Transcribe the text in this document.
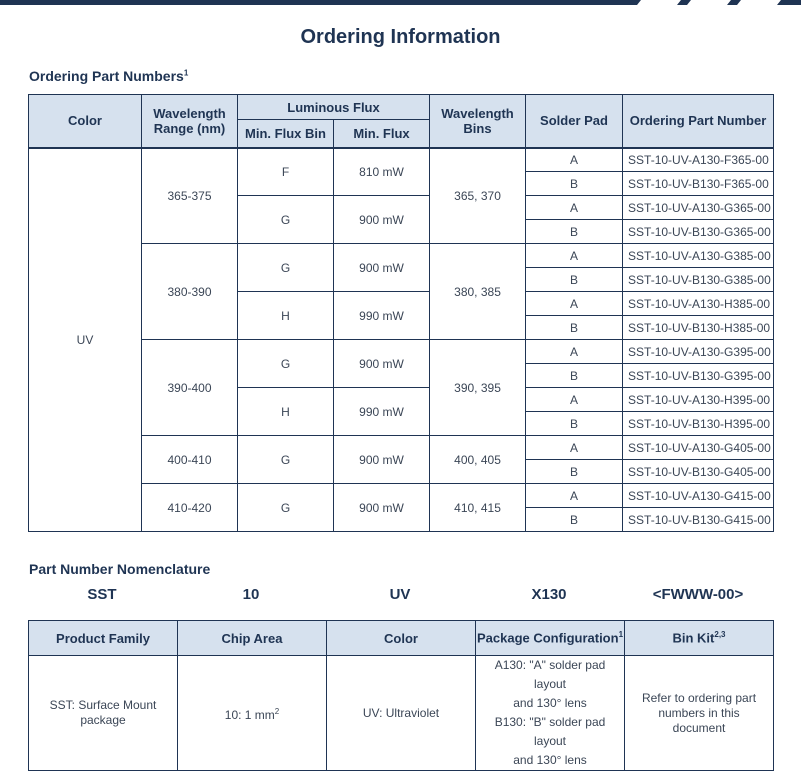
Ordering Information
Ordering Part Numbers$^1$
Color	Wavelength Range (nm)	Luminous Flux		Wavelength Bins	Solder Pad	Ordering Part Number
		Min. Flux Bin	Min. Flux			
UV	365-375	F	810 mW	365, 370	A	SST-10-UV-A130-F365-00
					B	SST-10-UV-B130-F365-00
		G	900 mW		A	SST-10-UV-A130-G365-00
					B	SST-10-UV-B130-G365-00
	380-390	G	900 mW	380, 385	A	SST-10-UV-A130-G385-00
					B	SST-10-UV-B130-G385-00
		H	990 mW		A	SST-10-UV-A130-H385-00
					B	SST-10-UV-B130-H385-00
	390-400	G	900 mW	390, 395	A	SST-10-UV-A130-G395-00
					B	SST-10-UV-B130-G395-00
		H	990 mW		A	SST-10-UV-A130-H395-00
					B	SST-10-UV-B130-H395-00
	400-410	G	900 mW	400, 405	A	SST-10-UV-A130-G405-00
					B	SST-10-UV-B130-G405-00
	410-420	G	900 mW	410, 415	A	SST-10-UV-A130-G415-00
					B	SST-10-UV-B130-G415-00
Part Number Nomenclature
SST	10	UV	X130	<FWWW-00>
Product Family	Chip Area	Color	Package Configuration$^1$	Bin Kit$^{2,3}$
SST: Surface Mount package	10: 1 $mm^2$	UV: Ultraviolet	A130: "A" solder pad layout
and 130° lens
B130: "B" solder pad layout
and 130° lens	Refer to ordering part numbers in this document
